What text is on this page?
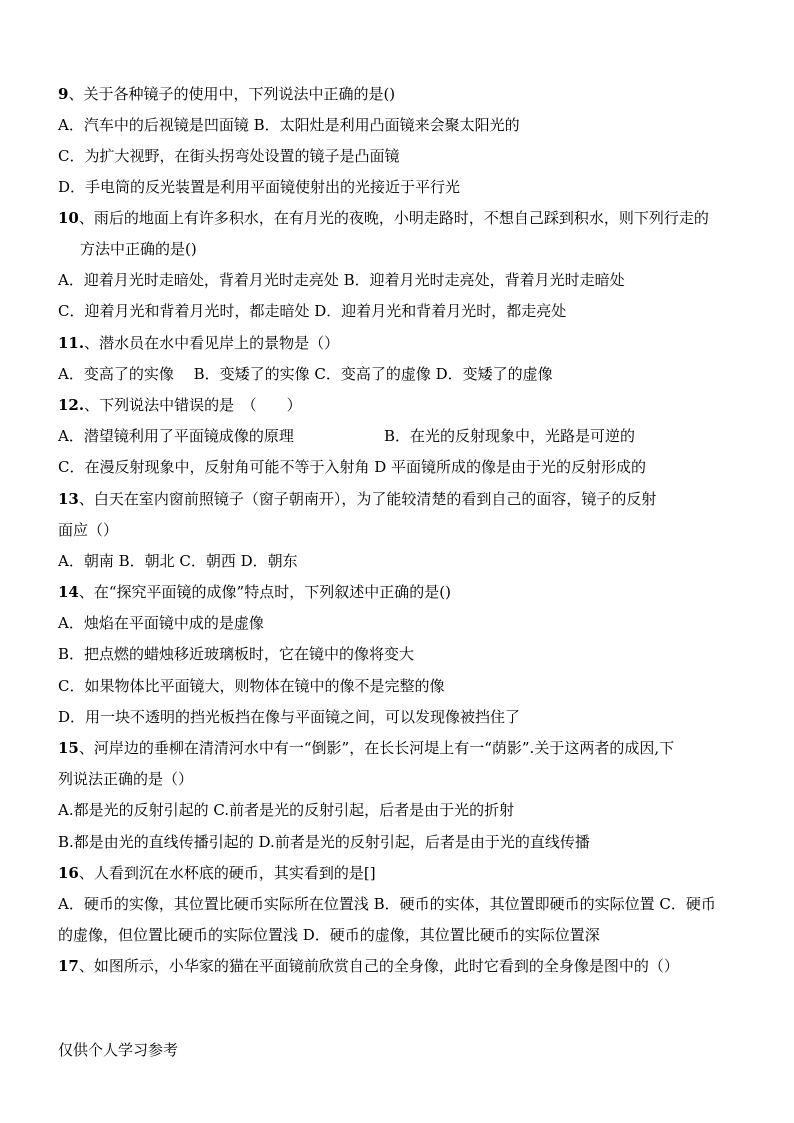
9、关于各种镜子的使用中，下列说法中正确的是()
A．汽车中的后视镜是凹面镜 B．太阳灶是利用凸面镜来会聚太阳光的
C．为扩大视野，在街头拐弯处设置的镜子是凸面镜
D．手电筒的反光装置是利用平面镜使射出的光接近于平行光
10、雨后的地面上有许多积水，在有月光的夜晚，小明走路时，不想自己踩到积水，则下列行走的
方法中正确的是()
A．迎着月光时走暗处，背着月光时走亮处 B．迎着月光时走亮处，背着月光时走暗处
C．迎着月光和背着月光时，都走暗处 D．迎着月光和背着月光时，都走亮处
11.、潜水员在水中看见岸上的景物是（）
A．变高了的实像　 B．变矮了的实像 C．变高了的虚像 D．变矮了的虚像
12.、下列说法中错误的是　（　　）
A．潜望镜利用了平面镜成像的原理	B．在光的反射现象中，光路是可逆的
C．在漫反射现象中，反射角可能不等于入射角 D 平面镜所成的像是由于光的反射形成的
13、白天在室内窗前照镜子（窗子朝南开），为了能较清楚的看到自己的面容，镜子的反射
面应（）
A．朝南 B．朝北 C．朝西 D．朝东
14、在“探究平面镜的成像”特点时，下列叙述中正确的是()
A．烛焰在平面镜中成的是虚像
B．把点燃的蜡烛移近玻璃板时，它在镜中的像将变大
C．如果物体比平面镜大，则物体在镜中的像不是完整的像
D．用一块不透明的挡光板挡在像与平面镜之间，可以发现像被挡住了
15、河岸边的垂柳在清清河水中有一“倒影”，在长长河堤上有一“荫影”.关于这两者的成因,下
列说法正确的是（）
A.都是光的反射引起的 C.前者是光的反射引起，后者是由于光的折射
B.都是由光的直线传播引起的 D.前者是光的反射引起，后者是由于光的直线传播
16、人看到沉在水杯底的硬币，其实看到的是[]
A．硬币的实像，其位置比硬币实际所在位置浅 B．硬币的实体，其位置即硬币的实际位置 C．硬币
的虚像，但位置比硬币的实际位置浅 D．硬币的虚像，其位置比硬币的实际位置深
17、如图所示，小华家的猫在平面镜前欣赏自己的全身像，此时它看到的全身像是图中的（）
仅供个人学习参考
